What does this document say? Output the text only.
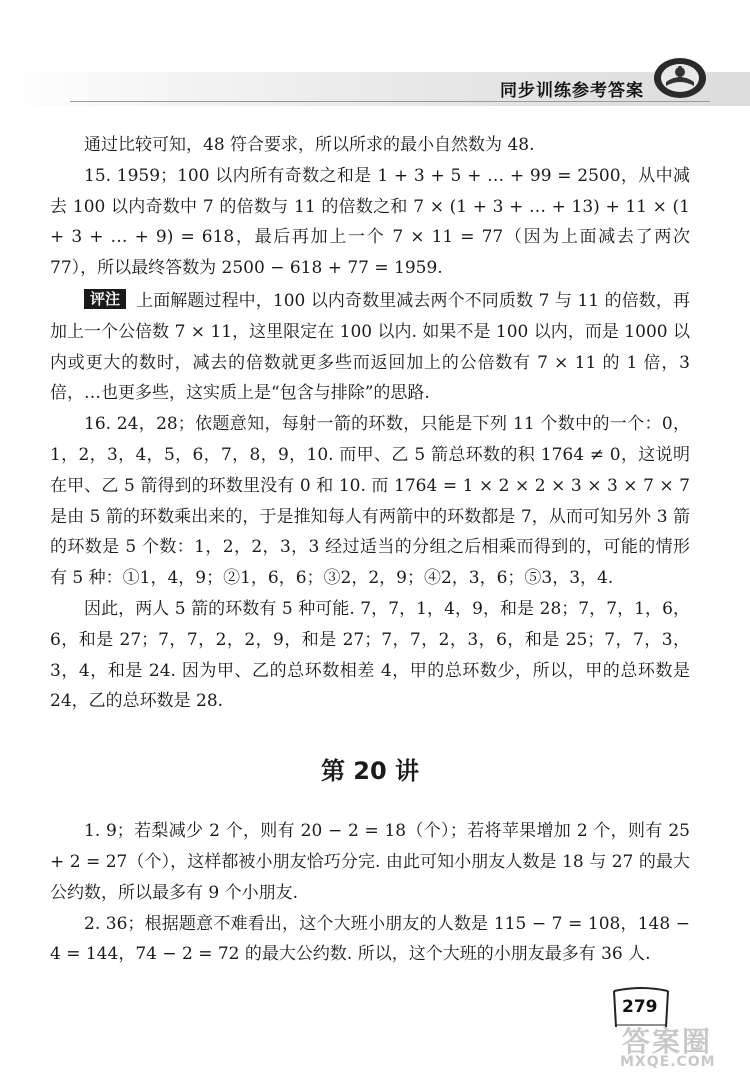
同步训练参考答案

通过比较可知，48 符合要求，所以所求的最小自然数为 48.

15. 1959；100 以内所有奇数之和是 1 + 3 + 5 + … + 99 = 2500，从中减去 100 以内奇数中 7 的倍数与 11 的倍数之和 7 × (1 + 3 + … + 13) + 11 × (1 + 3 + … + 9) = 618，最后再加上一个 7 × 11 = 77（因为上面减去了两次 77），所以最终答数为 2500 − 618 + 77 = 1959.

评注 上面解题过程中，100 以内奇数里减去两个不同质数 7 与 11 的倍数，再加上一个公倍数 7 × 11，这里限定在 100 以内. 如果不是 100 以内，而是 1000 以内或更大的数时，减去的倍数就更多些而返回加上的公倍数有 7 × 11 的 1 倍，3 倍，…也更多些，这实质上是“包含与排除”的思路.

16. 24，28；依题意知，每射一箭的环数，只能是下列 11 个数中的一个：0，1，2，3，4，5，6，7，8，9，10. 而甲、乙 5 箭总环数的积 1764 ≠ 0，这说明在甲、乙 5 箭得到的环数里没有 0 和 10. 而 1764 = 1 × 2 × 2 × 3 × 3 × 7 × 7 是由 5 箭的环数乘出来的，于是推知每人有两箭中的环数都是 7，从而可知另外 3 箭的环数是 5 个数：1，2，2，3，3 经过适当的分组之后相乘而得到的，可能的情形有 5 种：①1，4，9；②1，6，6；③2，2，9；④2，3，6；⑤3，3，4.

因此，两人 5 箭的环数有 5 种可能. 7，7，1，4，9，和是 28；7，7，1，6，6，和是 27；7，7，2，2，9，和是 27；7，7，2，3，6，和是 25；7，7，3，3，4，和是 24. 因为甲、乙的总环数相差 4，甲的总环数少，所以，甲的总环数是 24，乙的总环数是 28.

第 20 讲

1. 9；若梨减少 2 个，则有 20 − 2 = 18（个）；若将苹果增加 2 个，则有 25 + 2 = 27（个），这样都被小朋友恰巧分完. 由此可知小朋友人数是 18 与 27 的最大公约数，所以最多有 9 个小朋友.

2. 36；根据题意不难看出，这个大班小朋友的人数是 115 − 7 = 108，148 − 4 = 144，74 − 2 = 72 的最大公约数. 所以，这个大班的小朋友最多有 36 人.

279
答案圈
MXQE.COM
